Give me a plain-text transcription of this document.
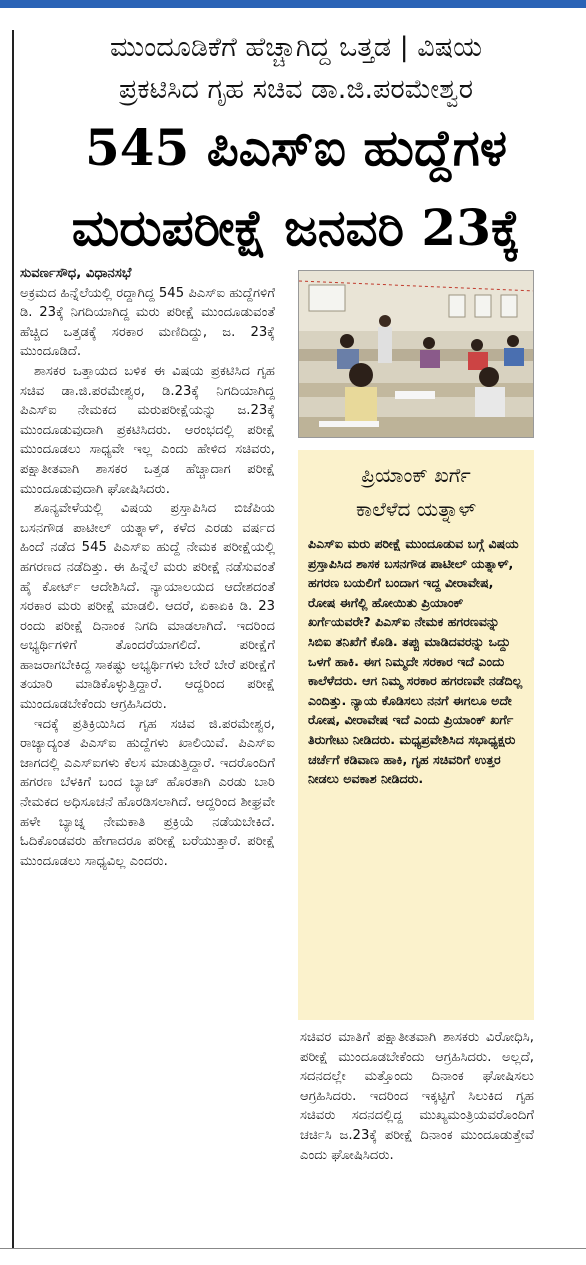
ಮುಂದೂಡಿಕೆಗೆ ಹೆಚ್ಚಾಗಿದ್ದ ಒತ್ತಡ | ವಿಷಯ
ಪ್ರಕಟಿಸಿದ ಗೃಹ ಸಚಿವ ಡಾ.ಜಿ.ಪರಮೇಶ್ವರ
545 ಪಿಎಸ್ಐ ಹುದ್ದೆಗಳ
ಮರುಪರೀಕ್ಷೆ ಜನವರಿ 23ಕ್ಕೆ
ಸುವರ್ಣಸೌಧ, ವಿಧಾನಸಭೆ

ಅಕ್ರಮದ ಹಿನ್ನೆಲೆಯಲ್ಲಿ ರದ್ದಾಗಿದ್ದ 545 ಪಿಎಸ್ಐ ಹುದ್ದೆಗಳಿಗೆ ಡಿ. 23ಕ್ಕೆ ನಿಗದಿಯಾಗಿದ್ದ ಮರು ಪರೀಕ್ಷೆ ಮುಂದೂಡುವಂತೆ ಹೆಚ್ಚಿದ ಒತ್ತಡಕ್ಕೆ ಸರಕಾರ ಮಣಿದಿದ್ದು, ಜ. 23ಕ್ಕೆ ಮುಂದೂಡಿದೆ.

ಶಾಸಕರ ಒತ್ತಾಯದ ಬಳಿಕ ಈ ವಿಷಯ ಪ್ರಕಟಿಸಿದ ಗೃಹ ಸಚಿವ ಡಾ.ಜಿ.ಪರಮೇಶ್ವರ, ಡಿ.23ಕ್ಕೆ ನಿಗದಿಯಾಗಿದ್ದ ಪಿಎಸ್ಐ ನೇಮಕದ ಮರುಪರೀಕ್ಷೆಯನ್ನು ಜ.23ಕ್ಕೆ ಮುಂದೂಡುವುದಾಗಿ ಪ್ರಕಟಿಸಿದರು. ಆರಂಭದಲ್ಲಿ ಪರೀಕ್ಷೆ ಮುಂದೂಡಲು ಸಾಧ್ಯವೇ ಇಲ್ಲ ಎಂದು ಹೇಳಿದ ಸಚಿವರು, ಪಕ್ಷಾತೀತವಾಗಿ ಶಾಸಕರ ಒತ್ತಡ ಹೆಚ್ಚಾದಾಗ ಪರೀಕ್ಷೆ ಮುಂದೂಡುವುದಾಗಿ ಘೋಷಿಸಿದರು.

ಶೂನ್ಯವೇಳೆಯಲ್ಲಿ ವಿಷಯ ಪ್ರಸ್ತಾಪಿಸಿದ ಬಿಜೆಪಿಯ ಬಸನಗೌಡ ಪಾಟೀಲ್ ಯತ್ನಾಳ್, ಕಳೆದ ಎರಡು ವರ್ಷದ ಹಿಂದೆ ನಡೆದ 545 ಪಿಎಸ್ಐ ಹುದ್ದೆ ನೇಮಕ ಪರೀಕ್ಷೆಯಲ್ಲಿ ಹಗರಣದ ನಡೆದಿತ್ತು. ಈ ಹಿನ್ನೆಲೆ ಮರು ಪರೀಕ್ಷೆ ನಡೆಸುವಂತೆ ಹೈ ಕೋರ್ಟ್ ಆದೇಶಿಸಿದೆ. ನ್ಯಾಯಾಲಯದ ಆದೇಶದಂತೆ ಸರಕಾರ ಮರು ಪರೀಕ್ಷೆ ಮಾಡಲಿ. ಆದರೆ, ಏಕಾಏಕಿ ಡಿ. 23 ರಂದು ಪರೀಕ್ಷೆ ದಿನಾಂಕ ನಿಗದಿ ಮಾಡಲಾಗಿದೆ. ಇದರಿಂದ ಅಭ್ಯರ್ಥಿಗಳಿಗೆ ತೊಂದರೆಯಾಗಲಿದೆ. ಪರೀಕ್ಷೆಗೆ ಹಾಜರಾಗಬೇಕಿದ್ದ ಸಾಕಷ್ಟು ಅಭ್ಯರ್ಥಿಗಳು ಬೇರೆ ಬೇರೆ ಪರೀಕ್ಷೆಗೆ ತಯಾರಿ ಮಾಡಿಕೊಳ್ಳುತ್ತಿದ್ದಾರೆ. ಆದ್ದರಿಂದ ಪರೀಕ್ಷೆ ಮುಂದೂಡಬೇಕೆಂದು ಆಗ್ರಹಿಸಿದರು.

ಇದಕ್ಕೆ ಪ್ರತಿಕ್ರಿಯಿಸಿದ ಗೃಹ ಸಚಿವ ಜಿ.ಪರಮೇಶ್ವರ, ರಾಜ್ಯಾದ್ಯಂತ ಪಿಎಸ್ಐ ಹುದ್ದೆಗಳು ಖಾಲಿಯಿವೆ. ಪಿಎಸ್ಐ ಜಾಗದಲ್ಲಿ ಎಎಸ್ಐಗಳು ಕೆಲಸ ಮಾಡುತ್ತಿದ್ದಾರೆ. ಇದರೊಂದಿಗೆ ಹಗರಣ ಬೆಳಕಿಗೆ ಬಂದ ಬ್ಯಾಚ್ ಹೊರತಾಗಿ ಎರಡು ಬಾರಿ ನೇಮಕದ ಅಧಿಸೂಚನೆ ಹೊರಡಿಸಲಾಗಿದೆ. ಆದ್ದರಿಂದ ಶೀಘ್ರವೇ ಹಳೇ ಬ್ಯಾಚ್ನ ನೇಮಕಾತಿ ಪ್ರಕ್ರಿಯೆ ನಡೆಯಬೇಕಿದೆ. ಓದಿಕೊಂಡವರು ಹೇಗಾದರೂ ಪರೀಕ್ಷೆ ಬರೆಯುತ್ತಾರೆ. ಪರೀಕ್ಷೆ ಮುಂದೂಡಲು ಸಾಧ್ಯವಿಲ್ಲ ಎಂದರು.

ಪ್ರಿಯಾಂಕ್ ಖರ್ಗೆ
ಕಾಲೆಳೆದ ಯತ್ನಾಳ್
ಪಿಎಸ್ಐ ಮರು ಪರೀಕ್ಷೆ ಮುಂದೂಡುವ ಬಗ್ಗೆ ವಿಷಯ ಪ್ರಸ್ತಾಪಿಸಿದ ಶಾಸಕ ಬಸನಗೌಡ ಪಾಟೀಲ್ ಯತ್ನಾಳ್, ಹಗರಣ ಬಯಲಿಗೆ ಬಂದಾಗ ಇದ್ದ ವೀರಾವೇಷ, ರೋಷ ಈಗೆಲ್ಲಿ ಹೋಯಿತು ಪ್ರಿಯಾಂಕ್ ಖರ್ಗೆಯವರೇ? ಪಿಎಸ್ಐ ನೇಮಕ ಹಗರಣವನ್ನು ಸಿಬಿಐ ತನಿಖೆಗೆ ಕೊಡಿ. ತಪ್ಪು ಮಾಡಿದವರನ್ನು ಒದ್ದು ಒಳಗೆ ಹಾಕಿ. ಈಗ ನಿಮ್ಮದೇ ಸರಕಾರ ಇದೆ ಎಂದು ಕಾಲೆಳೆದರು. ಆಗ ನಿಮ್ಮ ಸರಕಾರ ಹಗರಣವೇ ನಡೆದಿಲ್ಲ ಎಂದಿತ್ತು. ನ್ಯಾಯ ಕೊಡಿಸಲು ನನಗೆ ಈಗಲೂ ಅದೇ ರೋಷ, ವೀರಾವೇಷ ಇದೆ ಎಂದು ಪ್ರಿಯಾಂಕ್ ಖರ್ಗೆ ತಿರುಗೇಟು ನೀಡಿದರು. ಮಧ್ಯಪ್ರವೇಶಿಸಿದ ಸಭಾಧ್ಯಕ್ಷರು ಚರ್ಚೆಗೆ ಕಡಿವಾಣ ಹಾಕಿ, ಗೃಹ ಸಚಿವರಿಗೆ ಉತ್ತರ ನೀಡಲು ಅವಕಾಶ ನೀಡಿದರು.

ಸಚಿವರ ಮಾತಿಗೆ ಪಕ್ಷಾತೀತವಾಗಿ ಶಾಸಕರು ವಿರೋಧಿಸಿ, ಪರೀಕ್ಷೆ ಮುಂದೂಡಬೇಕೆಂದು ಆಗ್ರಹಿಸಿದರು. ಅಲ್ಲದೆ, ಸದನದಲ್ಲೇ ಮತ್ತೊಂದು ದಿನಾಂಕ ಘೋಷಿಸಲು ಆಗ್ರಹಿಸಿದರು. ಇದರಿಂದ ಇಕ್ಕಟ್ಟಿಗೆ ಸಿಲುಕಿದ ಗೃಹ ಸಚಿವರು ಸದನದಲ್ಲಿದ್ದ ಮುಖ್ಯಮಂತ್ರಿಯವರೊಂದಿಗೆ ಚರ್ಚಿಸಿ ಜ.23ಕ್ಕೆ ಪರೀಕ್ಷೆ ದಿನಾಂಕ ಮುಂದೂಡುತ್ತೇವೆ ಎಂದು ಘೋಷಿಸಿದರು.
